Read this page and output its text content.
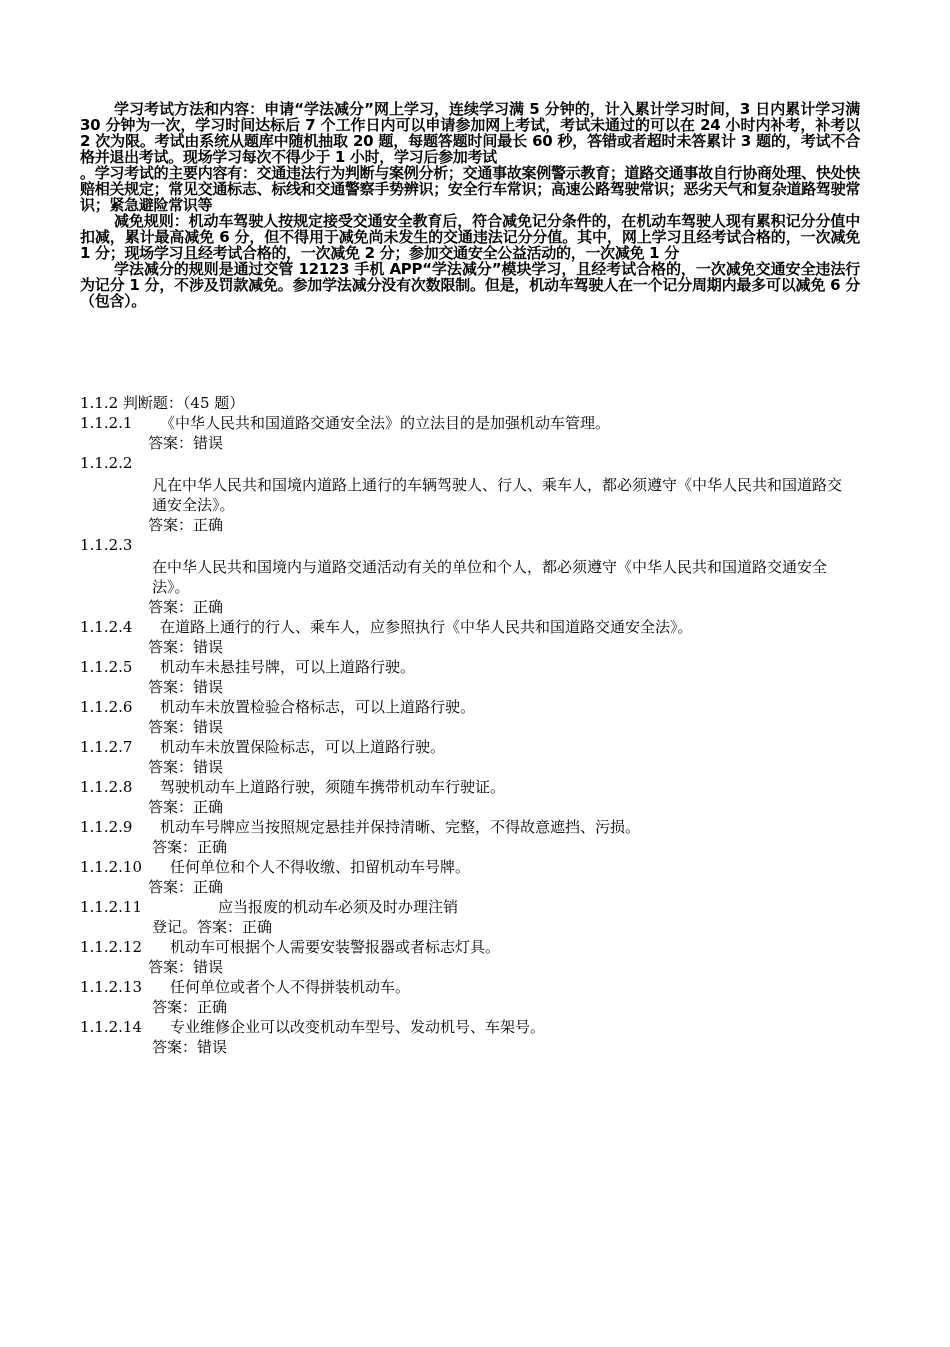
学习考试方法和内容：申请“学法减分”网上学习，连续学习满 5 分钟的，计入累计学习时间，3 日内累计学习满 30 分钟为一次，学习时间达标后 7 个工作日内可以申请参加网上考试，考试未通过的可以在 24 小时内补考，补考以 2 次为限。考试由系统从题库中随机抽取 20 题，每题答题时间最长 60 秒，答错或者超时未答累计 3 题的，考试不合格并退出考试。现场学习每次不得少于 1 小时，学习后参加考试

。学习考试的主要内容有：交通违法行为判断与案例分析；交通事故案例警示教育；道路交通事故自行协商处理、快处快赔相关规定；常见交通标志、标线和交通警察手势辨识；安全行车常识；高速公路驾驶常识；恶劣天气和复杂道路驾驶常识；紧急避险常识等

减免规则：机动车驾驶人按规定接受交通安全教育后，符合减免记分条件的，在机动车驾驶人现有累积记分分值中扣减，累计最高减免 6 分，但不得用于减免尚未发生的交通违法记分分值。其中，网上学习且经考试合格的，一次减免 1 分；现场学习且经考试合格的，一次减免 2 分；参加交通安全公益活动的，一次减免 1 分

学法减分的规则是通过交管 12123 手机 APP“学法减分”模块学习，且经考试合格的，一次减免交通安全违法行为记分 1 分，不涉及罚款减免。参加学法减分没有次数限制。但是，机动车驾驶人在一个记分周期内最多可以减免 6 分（包含）。

1.1.2 判断题：（45 题）
1.1.2.1 《中华人民共和国道路交通安全法》的立法目的是加强机动车管理。
答案：错误
1.1.2.2
凡在中华人民共和国境内道路上通行的车辆驾驶人、行人、乘车人，都必须遵守《中华人民共和国道路交通安全法》。
答案：正确
1.1.2.3
在中华人民共和国境内与道路交通活动有关的单位和个人，都必须遵守《中华人民共和国道路交通安全法》。
答案：正确
1.1.2.4 在道路上通行的行人、乘车人，应参照执行《中华人民共和国道路交通安全法》。
答案：错误
1.1.2.5 机动车未悬挂号牌，可以上道路行驶。
答案：错误
1.1.2.6 机动车未放置检验合格标志，可以上道路行驶。
答案：错误
1.1.2.7 机动车未放置保险标志，可以上道路行驶。
答案：错误
1.1.2.8 驾驶机动车上道路行驶，须随车携带机动车行驶证。
答案：正确
1.1.2.9 机动车号牌应当按照规定悬挂并保持清晰、完整，不得故意遮挡、污损。
答案：正确
1.1.2.10 任何单位和个人不得收缴、扣留机动车号牌。
答案：正确
1.1.2.11	应当报废的机动车必须及时办理注销
登记。答案：正确
1.1.2.12 机动车可根据个人需要安装警报器或者标志灯具。
答案：错误
1.1.2.13 任何单位或者个人不得拼装机动车。
答案：正确
1.1.2.14 专业维修企业可以改变机动车型号、发动机号、车架号。
答案：错误
